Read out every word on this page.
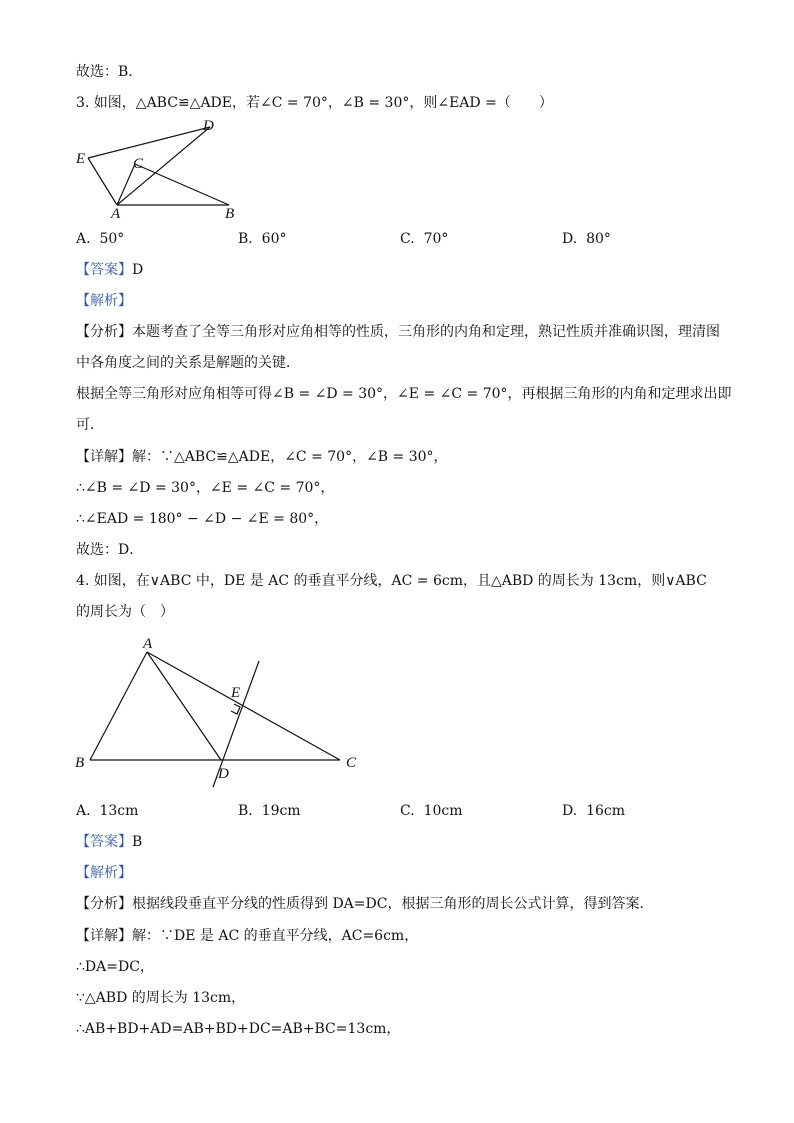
故选：B．
3. 如图，△ABC≌△ADE，若∠C = 70°，∠B = 30°，则∠EAD =（　　）
D
E	C
A	B
A. 50°	B. 60°	C. 70°	D. 80°
【答案】D
【解析】
【分析】本题考查了全等三角形对应角相等的性质，三角形的内角和定理，熟记性质并准确识图，理清图
中各角度之间的关系是解题的关键．
根据全等三角形对应角相等可得∠B = ∠D = 30°，∠E = ∠C = 70°，再根据三角形的内角和定理求出即
可．
【详解】解：∵△ABC≌△ADE，∠C = 70°，∠B = 30°，
∴∠B = ∠D = 30°，∠E = ∠C = 70°，
∴∠EAD = 180° − ∠D − ∠E = 80°，
故选：D．
4. 如图，在∨ABC 中，DE 是 AC 的垂直平分线，AC = 6cm，且△ABD 的周长为 13cm，则∨ABC
的周长为（　）
A
E
B
D
C
A. 13cm	B. 19cm	C. 10cm	D. 16cm
【答案】B
【解析】
【分析】根据线段垂直平分线的性质得到 DA=DC，根据三角形的周长公式计算，得到答案．
【详解】解：∵DE 是 AC 的垂直平分线，AC=6cm，
∴DA=DC，
∵△ABD 的周长为 13cm，
∴AB+BD+AD=AB+BD+DC=AB+BC=13cm，
